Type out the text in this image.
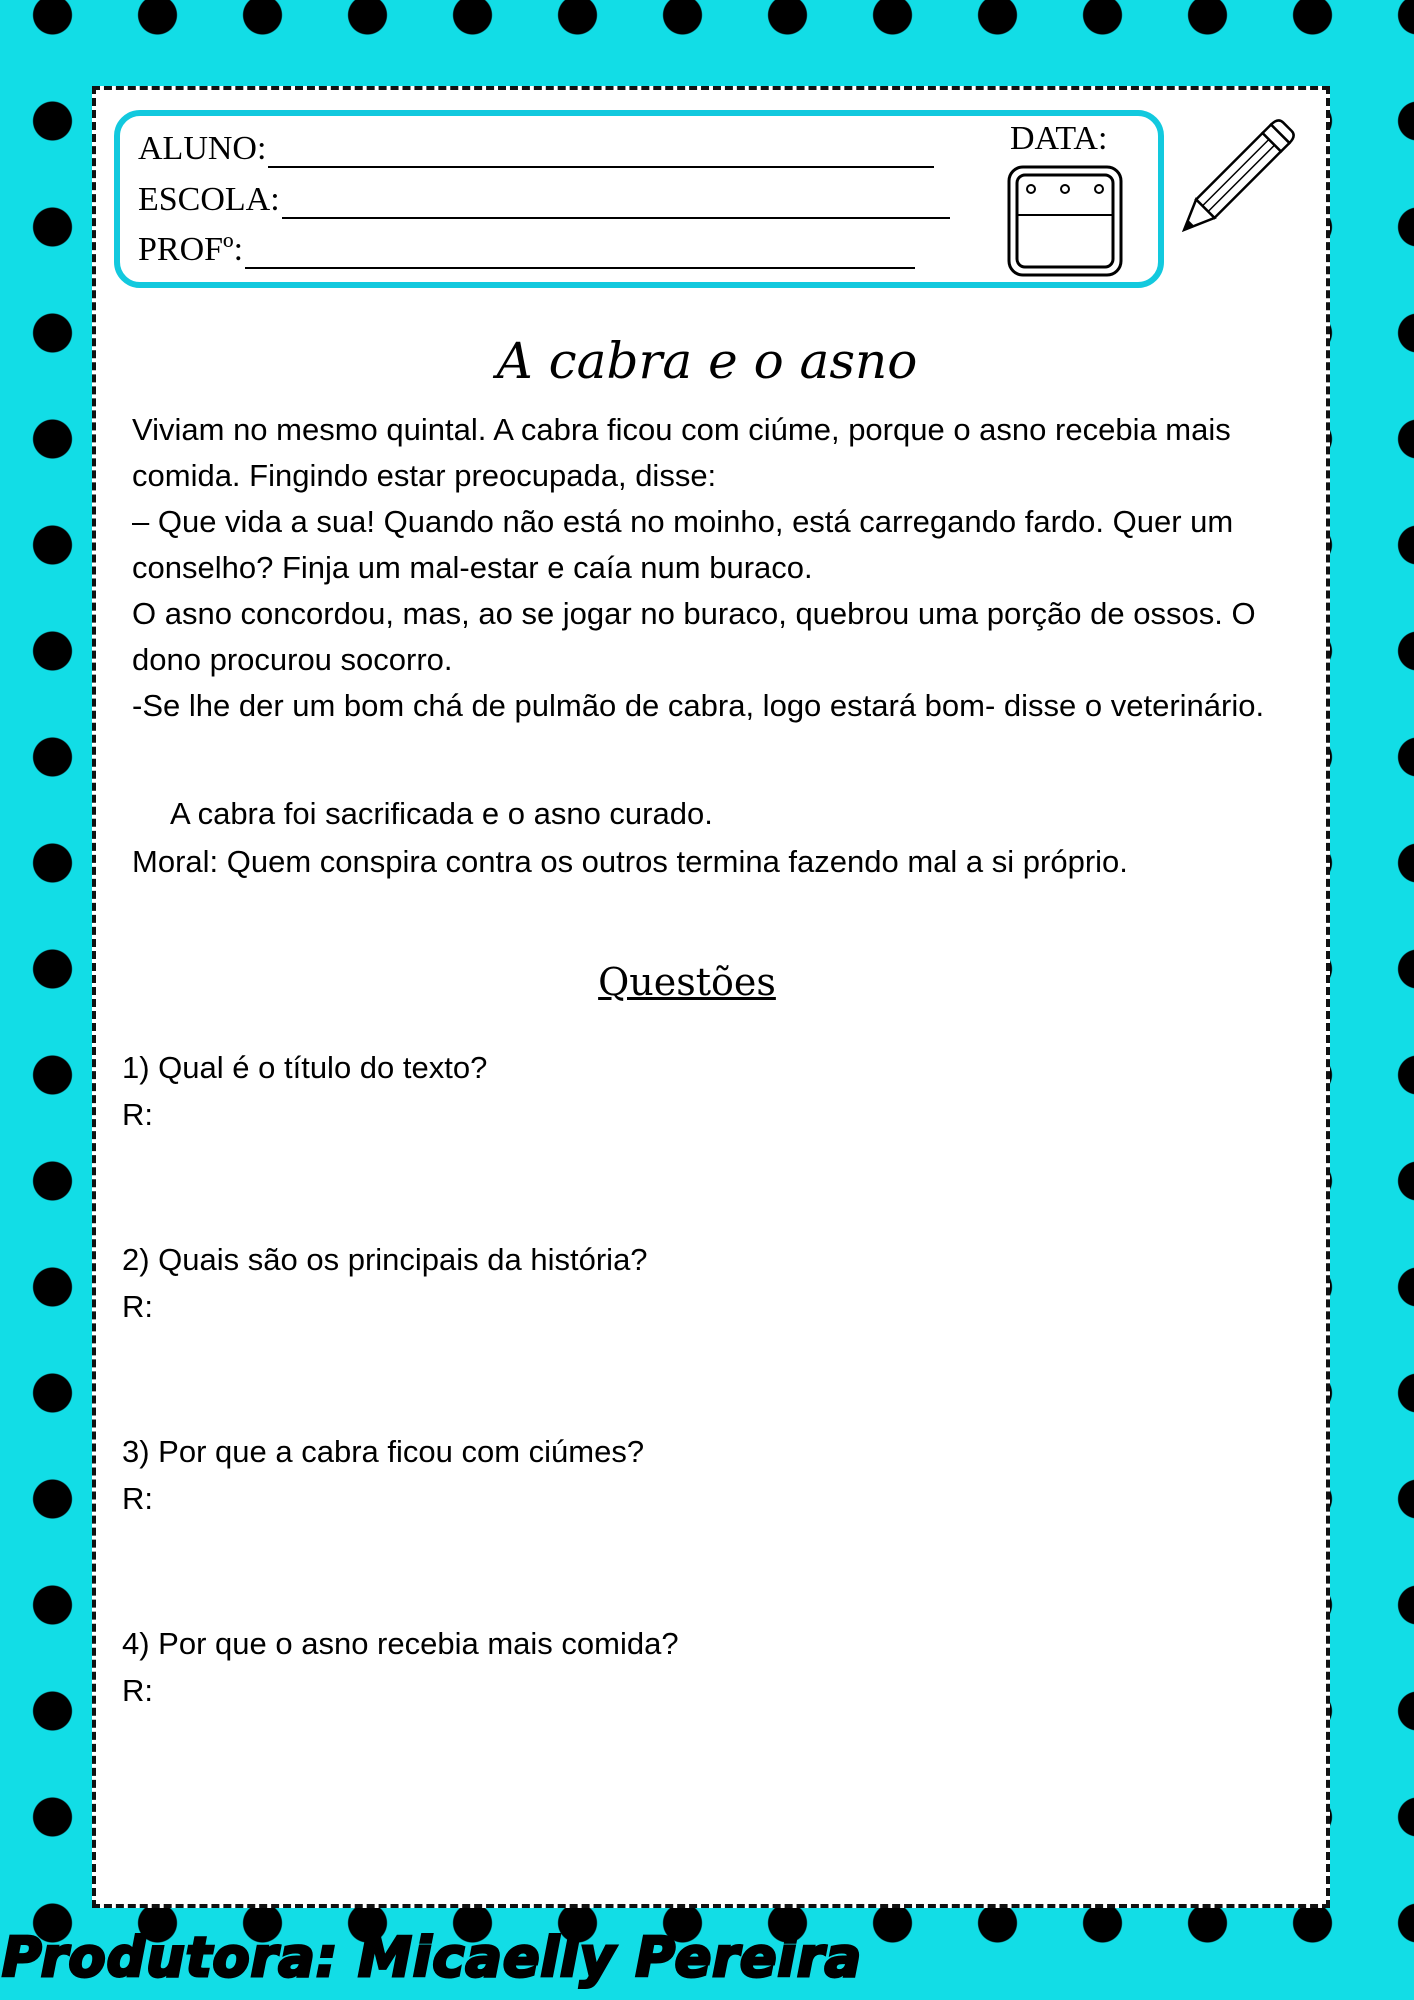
ALUNO:
ESCOLA:
PROFº:
DATA:
A cabra e o asno

Viviam no mesmo quintal. A cabra ficou com ciúme, porque o asno recebia mais comida. Fingindo estar preocupada, disse:

– Que vida a sua! Quando não está no moinho, está carregando fardo. Quer um conselho? Finja um mal-estar e caía num buraco.

O asno concordou, mas, ao se jogar no buraco, quebrou uma porção de ossos. O dono procurou socorro.

-Se lhe der um bom chá de pulmão de cabra, logo estará bom- disse o veterinário.

A cabra foi sacrificada e o asno curado.

Moral: Quem conspira contra os outros termina fazendo mal a si próprio.

Questões
1) Qual é o título do texto?
R:
2) Quais são os principais da história?
R:
3) Por que a cabra ficou com ciúmes?
R:
4) Por que o asno recebia mais comida?
R:
Produtora: Micaelly Pereira
